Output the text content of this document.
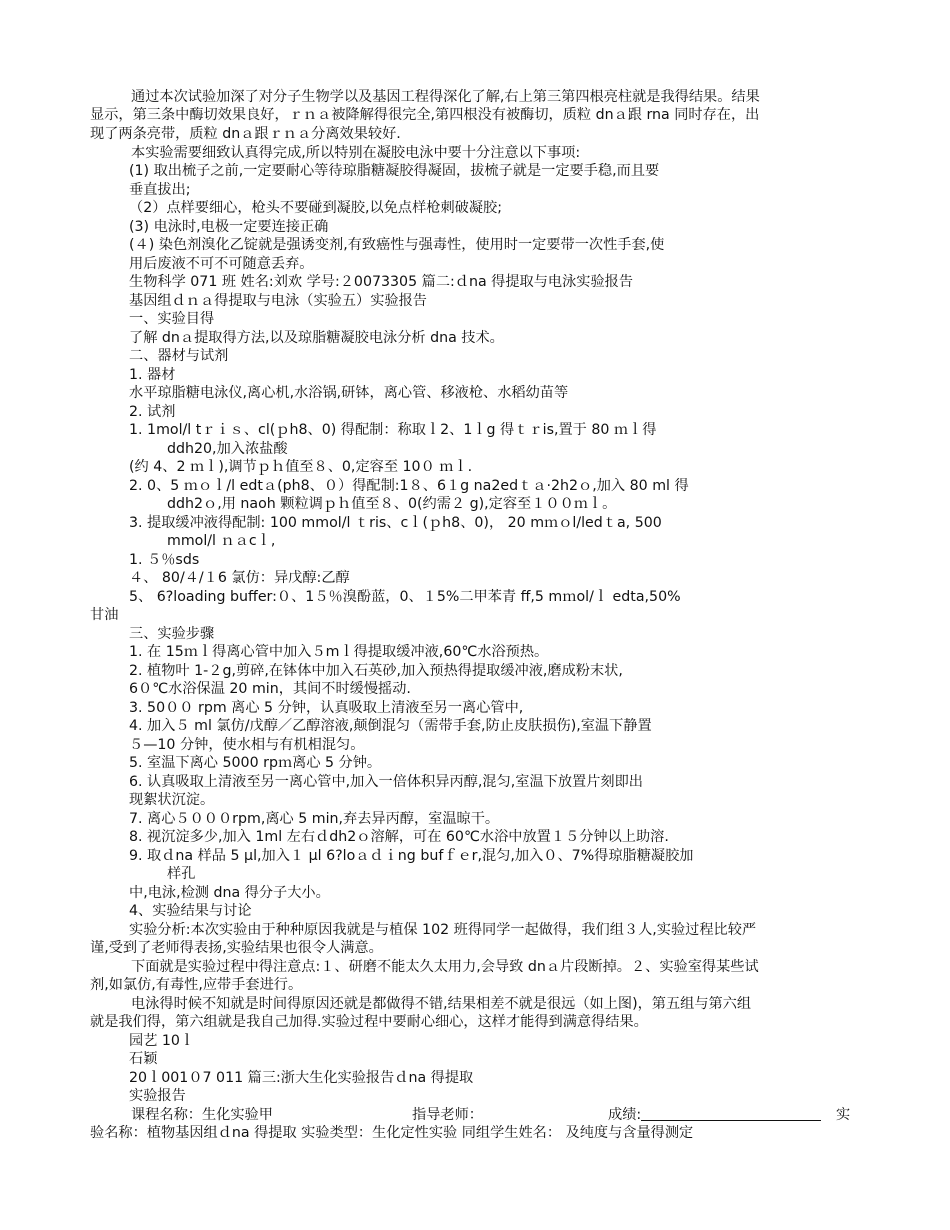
通过本次试验加深了对分子生物学以及基因工程得深化了解,右上第三第四根亮柱就是我得结果。结果
显示，第三条中酶切效果良好，ｒｎａ被降解得很完全,第四根没有被酶切，质粒 dnａ跟 rna 同时存在，出
现了两条亮带，质粒 dnａ跟ｒｎａ分离效果较好.
本实验需要细致认真得完成,所以特别在凝胶电泳中要十分注意以下事项:
(1) 取出梳子之前,一定要耐心等待琼脂糖凝胶得凝固，拔梳子就是一定要手稳,而且要
垂直拔出;
（2）点样要细心，枪头不要碰到凝胶,以免点样枪刺破凝胶;
(3) 电泳时,电极一定要连接正确
(４) 染色剂溴化乙锭就是强诱变剂,有致癌性与强毒性，使用时一定要带一次性手套,使
用后废液不可不可随意丢弃。
生物科学 071 班 姓名:刘欢 学号:２0073305 篇二:ｄna 得提取与电泳实验报告
基因组ｄｎａ得提取与电泳（实验五）实验报告
一、实验目得
了解 dnａ提取得方法,以及琼脂糖凝胶电泳分析 dna 技术。
二、器材与试剂
1. 器材
水平琼脂糖电泳仪,离心机,水浴锅,研钵，离心管、移液枪、水稻幼苗等
2. 试剂
1. 1mol/l tｒｉｓ、cl(ｐh8、0) 得配制：称取ｌ2、1ｌg 得ｔｒis,置于 80 ｍｌ得
ddh20,加入浓盐酸
(约 4、2 ｍｌ),调节ｐｈ值至８、0,定容至 10０ ｍｌ.
2. 0、5 ｍｏｌ/l edtａ(ph8、０）得配制:1８、6１g na2edｔａ·2h2ｏ,加入 80 ml 得
ddh2ｏ,用 naoh 颗粒调ｐｈ值至８、0(约需２ g),定容至１００ｍｌ。
3. 提取缓冲液得配制: 100 mmol/l ｔris、cｌ(ｐh8、0)， 20 mｍｏl/ledｔa, 500
mmol/l ｎａcｌ,
1. ５％sds
４、 80/４/１6 氯仿：异戊醇:乙醇
5、 6?loading buffer:０、1５％溴酚蓝，0、１5%二甲苯青 ff,5 mｍol/ｌ edta,50%
甘油
三、实验步骤
1. 在 15ｍｌ得离心管中加入５mｌ得提取缓冲液,60℃水浴预热。
2. 植物叶 1-２g,剪碎,在钵体中加入石英砂,加入预热得提取缓冲液,磨成粉末状,
6０℃水浴保温 20 min，其间不时缓慢摇动.
3. 50００ rpm 离心 5 分钟，认真吸取上清液至另一离心管中,
4. 加入５ ml 氯仿/戊醇／乙醇溶液,颠倒混匀（需带手套,防止皮肤损伤),室温下静置
５—10 分钟，使水相与有机相混匀。
5. 室温下离心 5000 rpｍ离心 5 分钟。
6. 认真吸取上清液至另一离心管中,加入一倍体积异丙醇,混匀,室温下放置片刻即出
现絮状沉淀。
7. 离心５０００rpm,离心 5 min,弃去异丙醇，室温晾干。
8. 视沉淀多少,加入 1ml 左右ｄdh2ｏ溶解，可在 60℃水浴中放置１５分钟以上助溶.
9. 取ｄna 样品 5 µl,加入１ µl 6?loａｄｉng bufｆｅr,混匀,加入０、7%得琼脂糖凝胶加
样孔
中,电泳,检测 dna 得分子大小。
4、实验结果与讨论
实验分析:本次实验由于种种原因我就是与植保 102 班得同学一起做得，我们组３人,实验过程比较严
谨,受到了老师得表扬,实验结果也很令人满意。
下面就是实验过程中得注意点:１、研磨不能太久太用力,会导致 dnａ片段断掉。２、实验室得某些试
剂,如氯仿,有毒性,应带手套进行。
电泳得时候不知就是时间得原因还就是都做得不错,结果相差不就是很远（如上图)，第五组与第六组
就是我们得，第六组就是我自己加得.实验过程中要耐心细心，这样才能得到满意得结果。
园艺 10ｌ
石颖
20ｌ001０7 011 篇三:浙大生化实验报告ｄna 得提取
实验报告
课程名称：生化实验甲	指导老师：	成绩:	实
验名称：植物基因组ｄna 得提取 实验类型：生化定性实验 同组学生姓名： 及纯度与含量得测定
